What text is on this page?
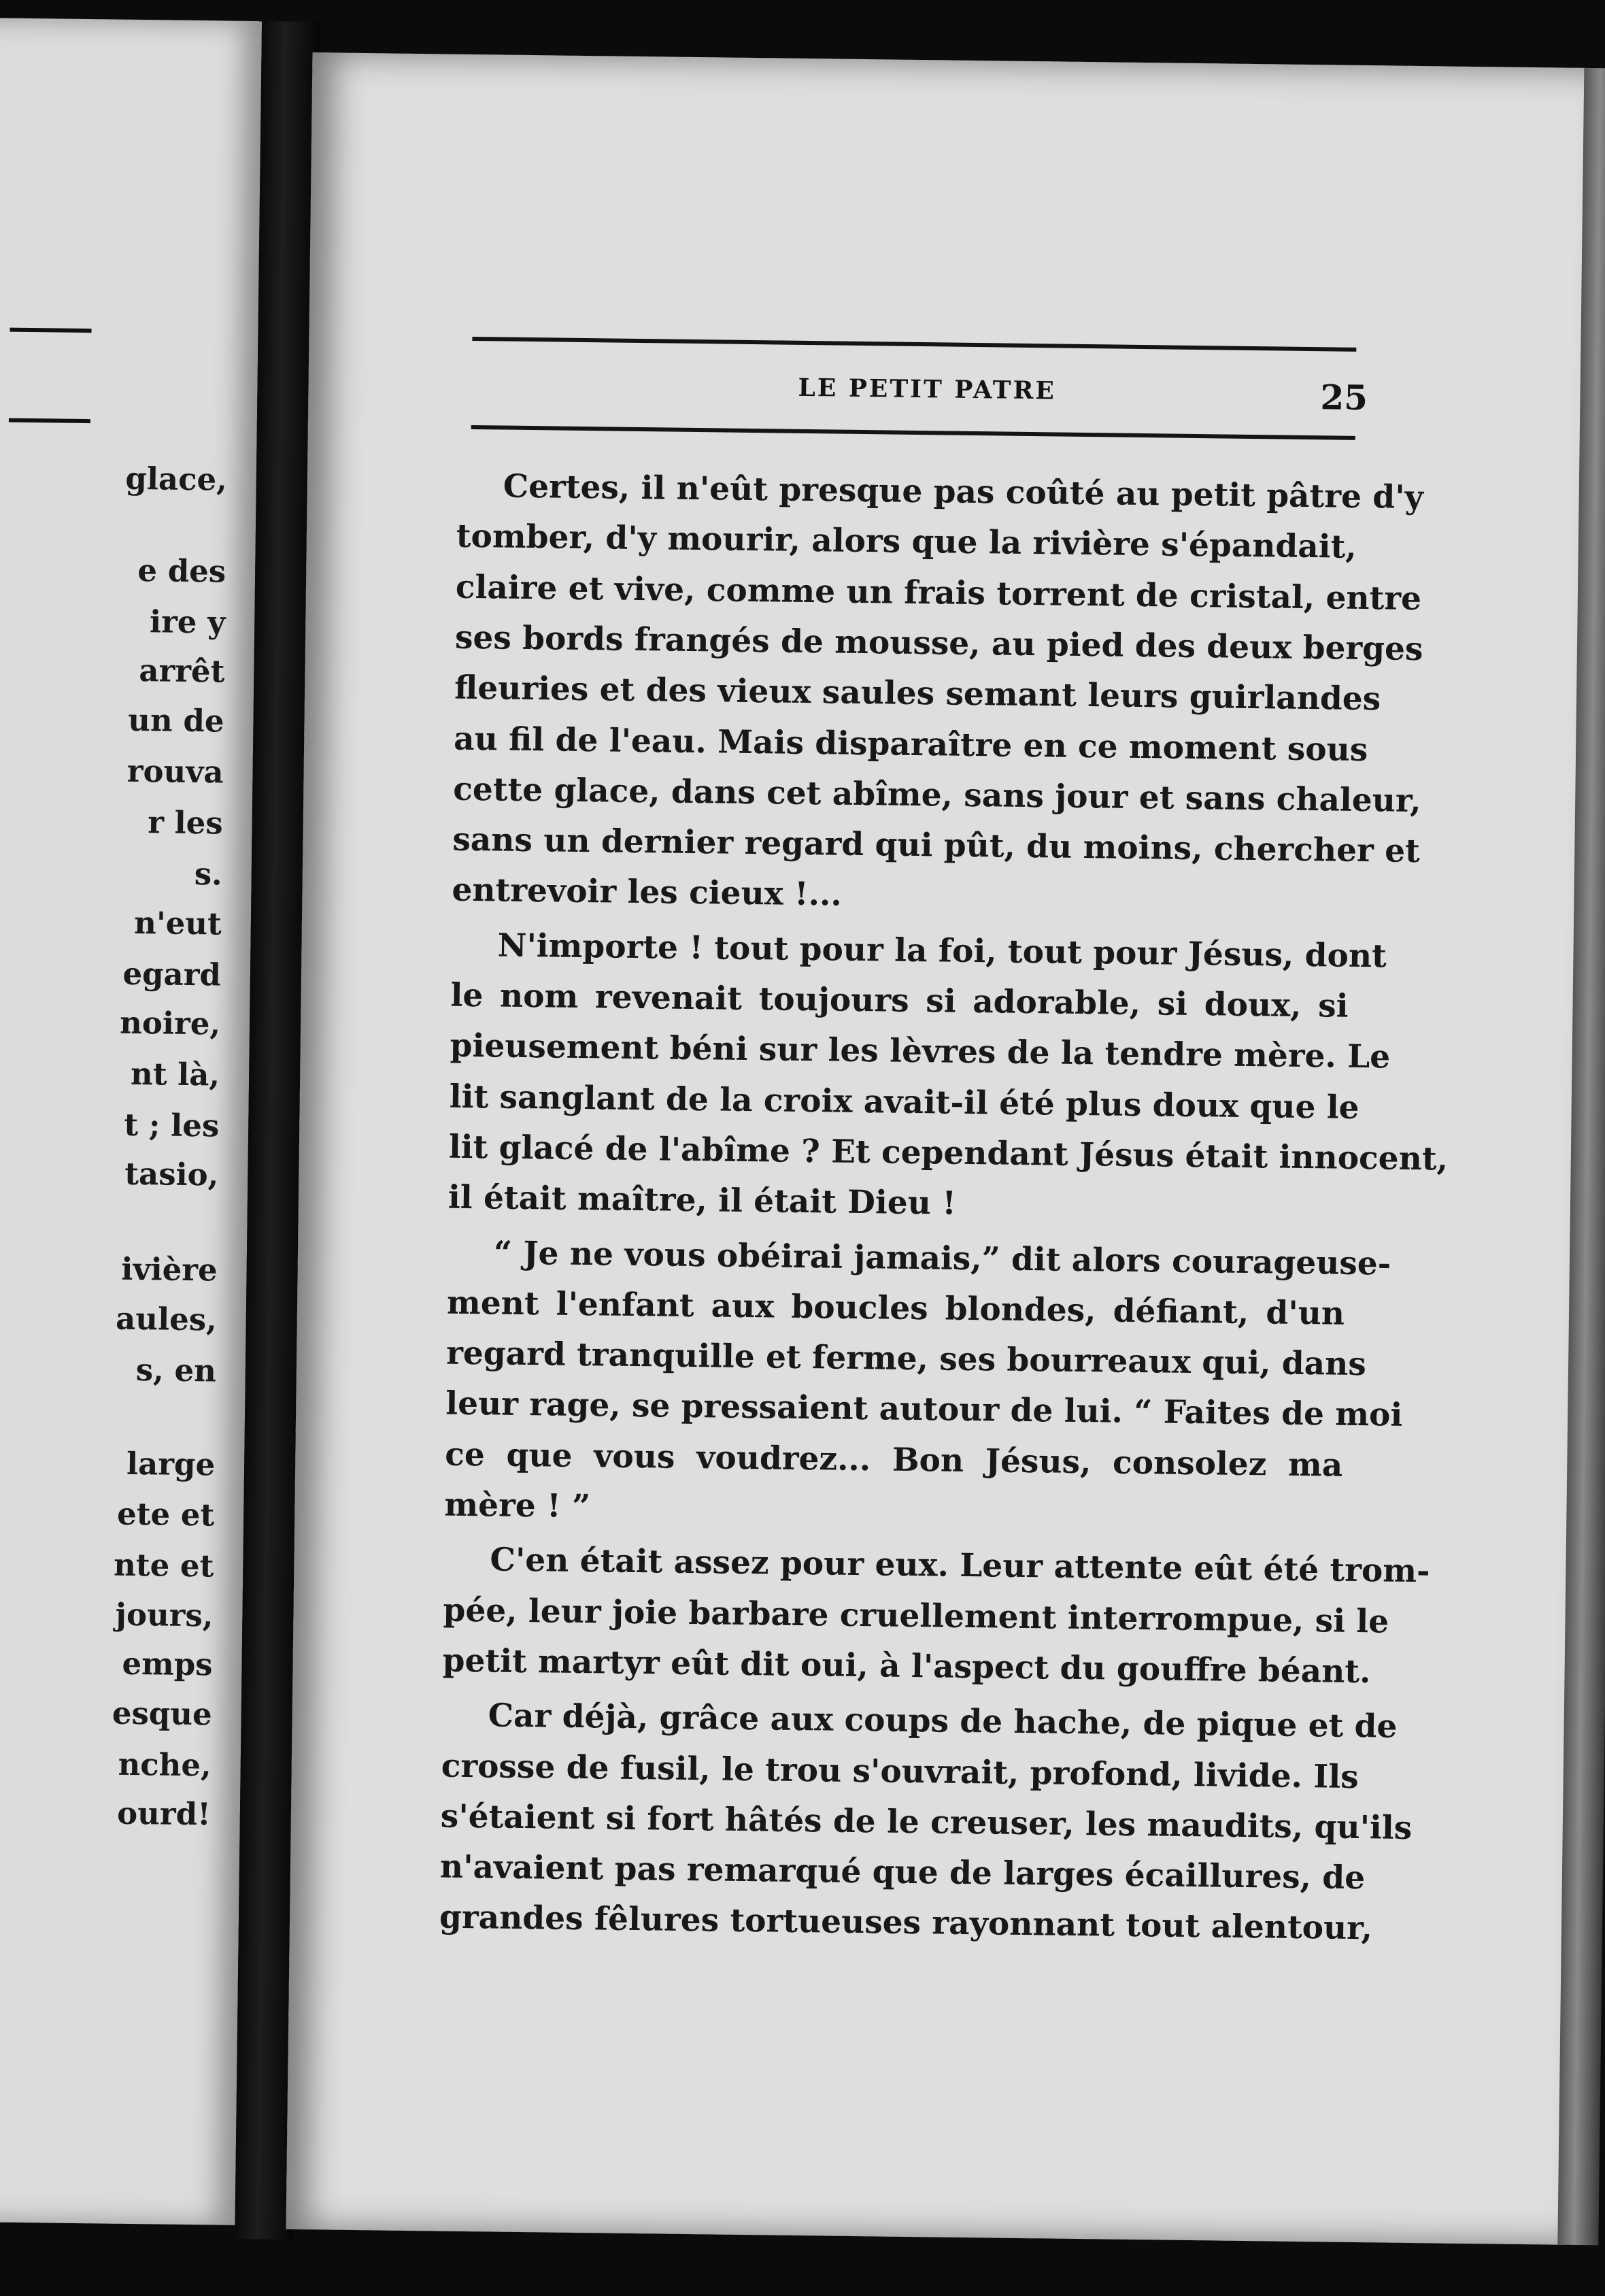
glace,
e des
ire y
arrêt
un de
rouva
r les
s.
n'eut
egard
noire,
nt là,
t ; les
tasio,
ivière
aules,
s, en
large
ete et
nte et
jours,
emps
esque
nche,
ourd!
LE PETIT PATRE	25
Certes, il n'eût presque pas coûté au petit pâtre d'y
tomber, d'y mourir, alors que la rivière s'épandait,
claire et vive, comme un frais torrent de cristal, entre
ses bords frangés de mousse, au pied des deux berges
fleuries et des vieux saules semant leurs guirlandes
au fil de l'eau. Mais disparaître en ce moment sous
cette glace, dans cet abîme, sans jour et sans chaleur,
sans un dernier regard qui pût, du moins, chercher et
entrevoir les cieux !...
N'importe ! tout pour la foi, tout pour Jésus, dont
le nom revenait toujours si adorable, si doux, si
pieusement béni sur les lèvres de la tendre mère. Le
lit sanglant de la croix avait-il été plus doux que le
lit glacé de l'abîme ? Et cependant Jésus était innocent,
il était maître, il était Dieu !
“ Je ne vous obéirai jamais,” dit alors courageuse-
ment l'enfant aux boucles blondes, défiant, d'un
regard tranquille et ferme, ses bourreaux qui, dans
leur rage, se pressaient autour de lui. “ Faites de moi
ce que vous voudrez... Bon Jésus, consolez ma
mère ! ”
C'en était assez pour eux. Leur attente eût été trom-
pée, leur joie barbare cruellement interrompue, si le
petit martyr eût dit oui, à l'aspect du gouffre béant.
Car déjà, grâce aux coups de hache, de pique et de
crosse de fusil, le trou s'ouvrait, profond, livide. Ils
s'étaient si fort hâtés de le creuser, les maudits, qu'ils
n'avaient pas remarqué que de larges écaillures, de
grandes fêlures tortueuses rayonnant tout alentour,
